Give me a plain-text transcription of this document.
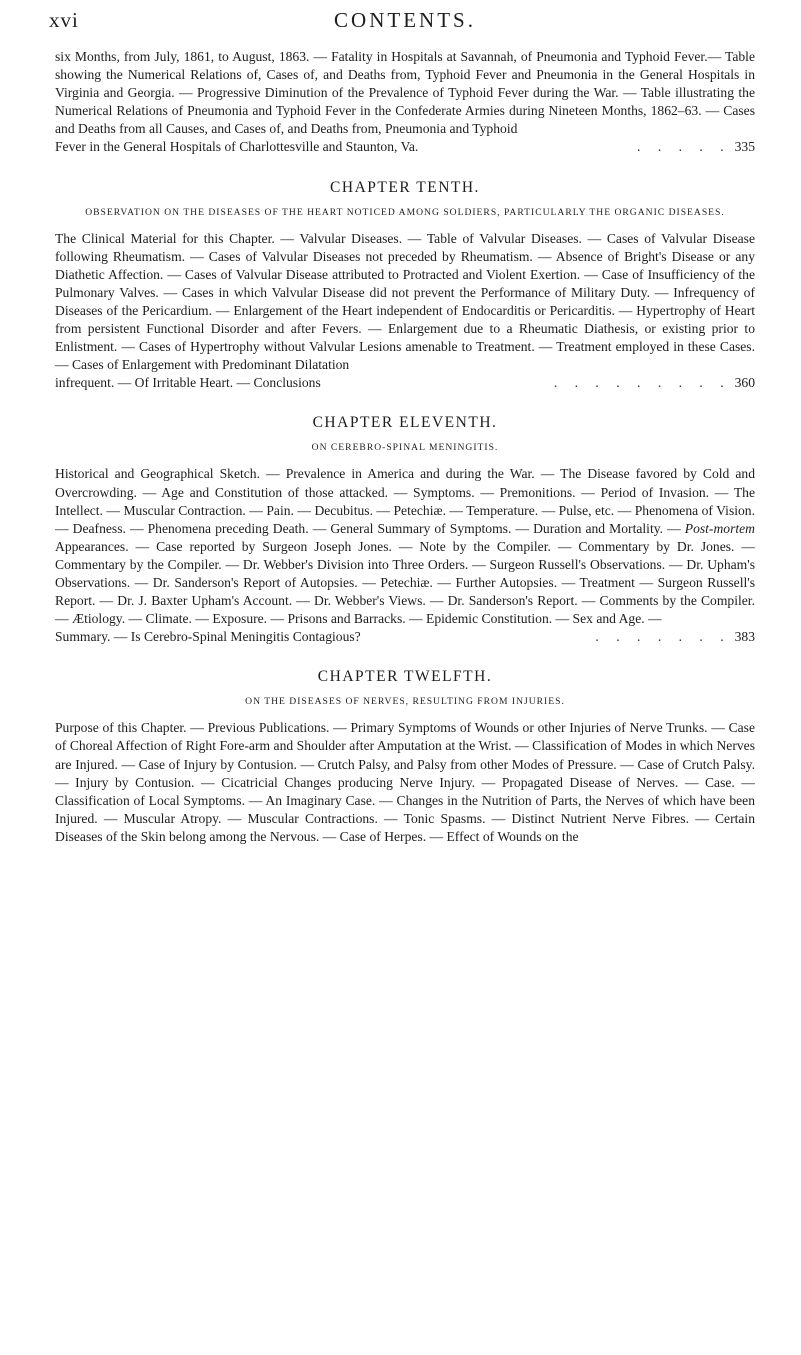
xvi	CONTENTS.

six Months, from July, 1861, to August, 1863. — Fatality in Hospitals at Savannah, of Pneumonia and Typhoid Fever.— Table showing the Numerical Relations of, Cases of, and Deaths from, Typhoid Fever and Pneumonia in the General Hospitals in Virginia and Georgia. — Progressive Diminution of the Prevalence of Typhoid Fever during the War. — Table illustrating the Numerical Relations of Pneumonia and Typhoid Fever in the Confederate Armies during Nineteen Months, 1862–63. — Cases and Deaths from all Causes, and Cases of, and Deaths from, Pneumonia and Typhoid

Fever in the General Hospitals of Charlottesville and Staunton, Va.	. . . . . 335
CHAPTER TENTH.
OBSERVATION ON THE DISEASES OF THE HEART NOTICED AMONG SOLDIERS, PARTICULARLY THE ORGANIC DISEASES.

The Clinical Material for this Chapter. — Valvular Diseases. — Table of Valvular Diseases. — Cases of Valvular Disease following Rheumatism. — Cases of Valvular Diseases not preceded by Rheumatism. — Absence of Bright's Disease or any Diathetic Affection. — Cases of Valvular Disease attributed to Protracted and Violent Exertion. — Case of Insufficiency of the Pulmonary Valves. — Cases in which Valvular Disease did not prevent the Performance of Military Duty. — Infrequency of Diseases of the Pericardium. — Enlargement of the Heart independent of Endocarditis or Pericarditis. — Hypertrophy of Heart from persistent Functional Disorder and after Fevers. — Enlargement due to a Rheumatic Diathesis, or existing prior to Enlistment. — Cases of Hypertrophy without Valvular Lesions amenable to Treatment. — Treatment employed in these Cases. — Cases of Enlargement with Predominant Dilatation

infrequent. — Of Irritable Heart. — Conclusions	. . . . . . . . . 360
CHAPTER ELEVENTH.
ON CEREBRO-SPINAL MENINGITIS.

Historical and Geographical Sketch. — Prevalence in America and during the War. — The Disease favored by Cold and Overcrowding. — Age and Constitution of those attacked. — Symptoms. — Premonitions. — Period of Invasion. — The Intellect. — Muscular Contraction. — Pain. — Decubitus. — Petechiæ. — Temperature. — Pulse, etc. — Phenomena of Vision. — Deafness. — Phenomena preceding Death. — General Summary of Symptoms. — Duration and Mortality. — Post-mortem Appearances. — Case reported by Surgeon Joseph Jones. — Note by the Compiler. — Commentary by Dr. Jones. — Commentary by the Compiler. — Dr. Webber's Division into Three Orders. — Surgeon Russell's Observations. — Dr. Upham's Observations. — Dr. Sanderson's Report of Autopsies. — Petechiæ. — Further Autopsies. — Treatment — Surgeon Russell's Report. — Dr. J. Baxter Upham's Account. — Dr. Webber's Views. — Dr. Sanderson's Report. — Comments by the Compiler. — Ætiology. — Climate. — Exposure. — Prisons and Barracks. — Epidemic Constitution. — Sex and Age. —

Summary. — Is Cerebro-Spinal Meningitis Contagious?	. . . . . . . 383
CHAPTER TWELFTH.
ON THE DISEASES OF NERVES, RESULTING FROM INJURIES.

Purpose of this Chapter. — Previous Publications. — Primary Symptoms of Wounds or other Injuries of Nerve Trunks. — Case of Choreal Affection of Right Fore-arm and Shoulder after Amputation at the Wrist. — Classification of Modes in which Nerves are Injured. — Case of Injury by Contusion. — Crutch Palsy, and Palsy from other Modes of Pressure. — Case of Crutch Palsy. — Injury by Contusion. — Cicatricial Changes producing Nerve Injury. — Propagated Disease of Nerves. — Case. — Classification of Local Symptoms. — An Imaginary Case. — Changes in the Nutrition of Parts, the Nerves of which have been Injured. — Muscular Atropy. — Muscular Contractions. — Tonic Spasms. — Distinct Nutrient Nerve Fibres. — Certain Diseases of the Skin belong among the Nervous. — Case of Herpes. — Effect of Wounds on the
